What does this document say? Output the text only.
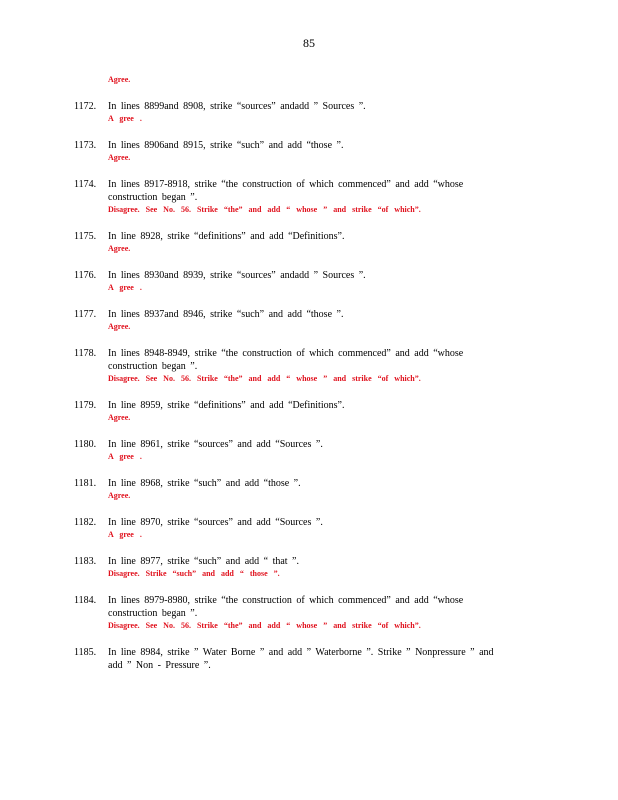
85
Agree.
1172.	In lines 8899and 8908, strike “sources” andadd ” Sources ”.
A gree .
1173.	In lines 8906and 8915, strike “such” and add “those ”.
Agree.
1174.	In lines 8917-8918, strike “the construction of which commenced” and add “whose
construction began ”.
Disagree. See No. 56. Strike “the” and add “ whose ” and strike “of which”.
1175.	In line 8928, strike “definitions” and add “Definitions”.
Agree.
1176.	In lines 8930and 8939, strike “sources” andadd ” Sources ”.
A gree .
1177.	In lines 8937and 8946, strike “such” and add “those ”.
Agree.
1178.	In lines 8948-8949, strike “the construction of which commenced” and add “whose
construction began ”.
Disagree. See No. 56. Strike “the” and add “ whose ” and strike “of which”.
1179.	In line 8959, strike “definitions” and add “Definitions”.
Agree.
1180.	In line 8961, strike “sources” and add “Sources ”.
A gree .
1181.	In line 8968, strike “such” and add “those ”.
Agree.
1182.	In line 8970, strike “sources” and add “Sources ”.
A gree .
1183.	In line 8977, strike “such” and add “ that ”.
Disagree. Strike “such” and add “ those ”.
1184.	In lines 8979-8980, strike “the construction of which commenced” and add “whose
construction began ”.
Disagree. See No. 56. Strike “the” and add “ whose ” and strike “of which”.
1185.	In line 8984, strike ” Water Borne ” and add ” Waterborne ”. Strike ” Nonpressure ” and
add ” Non - Pressure ”.
